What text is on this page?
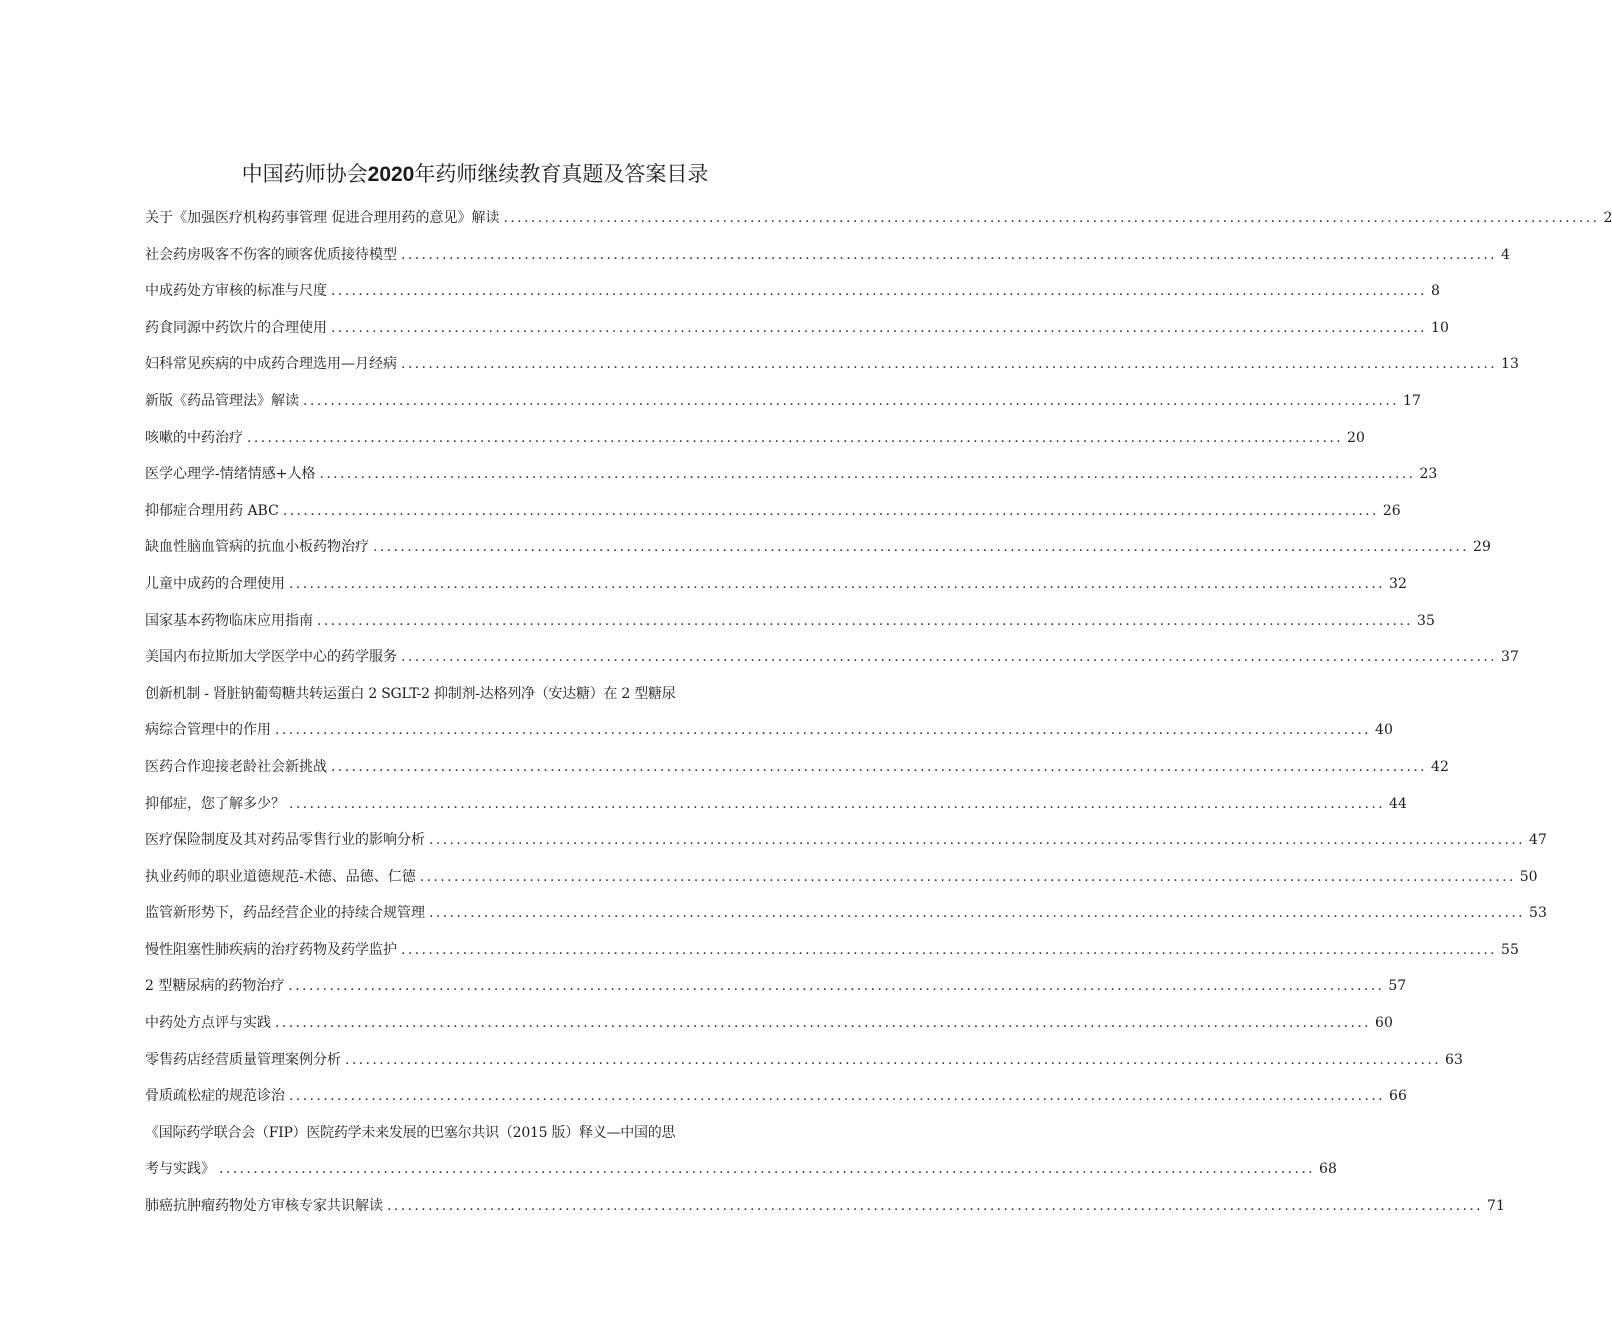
中国药师协会2020年药师继续教育真题及答案目录
关于《加强医疗机构药事管理 促进合理用药的意见》解读 ................................................................................................................................................................ 2
社会药房吸客不伤客的顾客优质接待模型 ................................................................................................................................................................ 4
中成药处方审核的标准与尺度 ................................................................................................................................................................ 8
药食同源中药饮片的合理使用 ................................................................................................................................................................ 10
妇科常见疾病的中成药合理选用—月经病 ................................................................................................................................................................ 13
新版《药品管理法》解读 ................................................................................................................................................................ 17
咳嗽的中药治疗 ................................................................................................................................................................ 20
医学心理学-情绪情感+人格 ................................................................................................................................................................ 23
抑郁症合理用药 ABC ................................................................................................................................................................ 26
缺血性脑血管病的抗血小板药物治疗 ................................................................................................................................................................ 29
儿童中成药的合理使用 ................................................................................................................................................................ 32
国家基本药物临床应用指南 ................................................................................................................................................................ 35
美国内布拉斯加大学医学中心的药学服务 ................................................................................................................................................................ 37
创新机制 - 肾脏钠葡萄糖共转运蛋白 2 SGLT-2 抑制剂-达格列净（安达糖）在 2 型糖尿
病综合管理中的作用 ................................................................................................................................................................ 40
医药合作迎接老龄社会新挑战 ................................................................................................................................................................ 42
抑郁症，您了解多少？ ................................................................................................................................................................ 44
医疗保险制度及其对药品零售行业的影响分析 ................................................................................................................................................................ 47
执业药师的职业道德规范-术德、品德、仁德 ................................................................................................................................................................ 50
监管新形势下，药品经营企业的持续合规管理 ................................................................................................................................................................ 53
慢性阻塞性肺疾病的治疗药物及药学监护 ................................................................................................................................................................ 55
2 型糖尿病的药物治疗 ................................................................................................................................................................ 57
中药处方点评与实践 ................................................................................................................................................................ 60
零售药店经营质量管理案例分析 ................................................................................................................................................................ 63
骨质疏松症的规范诊治 ................................................................................................................................................................ 66
《国际药学联合会（FIP）医院药学未来发展的巴塞尔共识（2015 版）释义—中国的思
考与实践》 ................................................................................................................................................................ 68
肺癌抗肿瘤药物处方审核专家共识解读 ................................................................................................................................................................ 71
